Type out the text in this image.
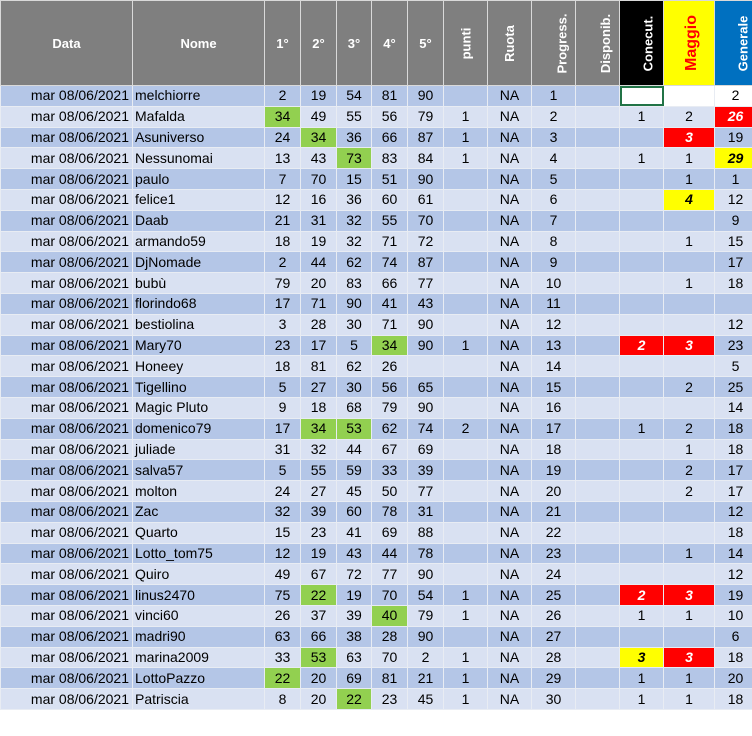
Data	Nome	1°	2°	3°	4°	5°	punti	Ruota	Progress.	Disponib.	Conecut.	Maggio	Generale
mar 08/06/2021	melchiorre	2	19	54	81	90		NA	1				2
mar 08/06/2021	Mafalda	34	49	55	56	79	1	NA	2		1	2	26
mar 08/06/2021	Asuniverso	24	34	36	66	87	1	NA	3			3	19
mar 08/06/2021	Nessunomai	13	43	73	83	84	1	NA	4		1	1	29
mar 08/06/2021	paulo	7	70	15	51	90		NA	5			1	1
mar 08/06/2021	felice1	12	16	36	60	61		NA	6			4	12
mar 08/06/2021	Daab	21	31	32	55	70		NA	7				9
mar 08/06/2021	armando59	18	19	32	71	72		NA	8			1	15
mar 08/06/2021	DjNomade	2	44	62	74	87		NA	9				17
mar 08/06/2021	bubù	79	20	83	66	77		NA	10			1	18
mar 08/06/2021	florindo68	17	71	90	41	43		NA	11				
mar 08/06/2021	bestiolina	3	28	30	71	90		NA	12				12
mar 08/06/2021	Mary70	23	17	5	34	90	1	NA	13		2	3	23
mar 08/06/2021	Honeey	18	81	62	26			NA	14				5
mar 08/06/2021	Tigellino	5	27	30	56	65		NA	15			2	25
mar 08/06/2021	Magic Pluto	9	18	68	79	90		NA	16				14
mar 08/06/2021	domenico79	17	34	53	62	74	2	NA	17		1	2	18
mar 08/06/2021	juliade	31	32	44	67	69		NA	18			1	18
mar 08/06/2021	salva57	5	55	59	33	39		NA	19			2	17
mar 08/06/2021	molton	24	27	45	50	77		NA	20			2	17
mar 08/06/2021	Zac	32	39	60	78	31		NA	21				12
mar 08/06/2021	Quarto	15	23	41	69	88		NA	22				18
mar 08/06/2021	Lotto_tom75	12	19	43	44	78		NA	23			1	14
mar 08/06/2021	Quiro	49	67	72	77	90		NA	24				12
mar 08/06/2021	linus2470	75	22	19	70	54	1	NA	25		2	3	19
mar 08/06/2021	vinci60	26	37	39	40	79	1	NA	26		1	1	10
mar 08/06/2021	madri90	63	66	38	28	90		NA	27				6
mar 08/06/2021	marina2009	33	53	63	70	2	1	NA	28		3	3	18
mar 08/06/2021	LottoPazzo	22	20	69	81	21	1	NA	29		1	1	20
mar 08/06/2021	Patriscia	8	20	22	23	45	1	NA	30		1	1	18
